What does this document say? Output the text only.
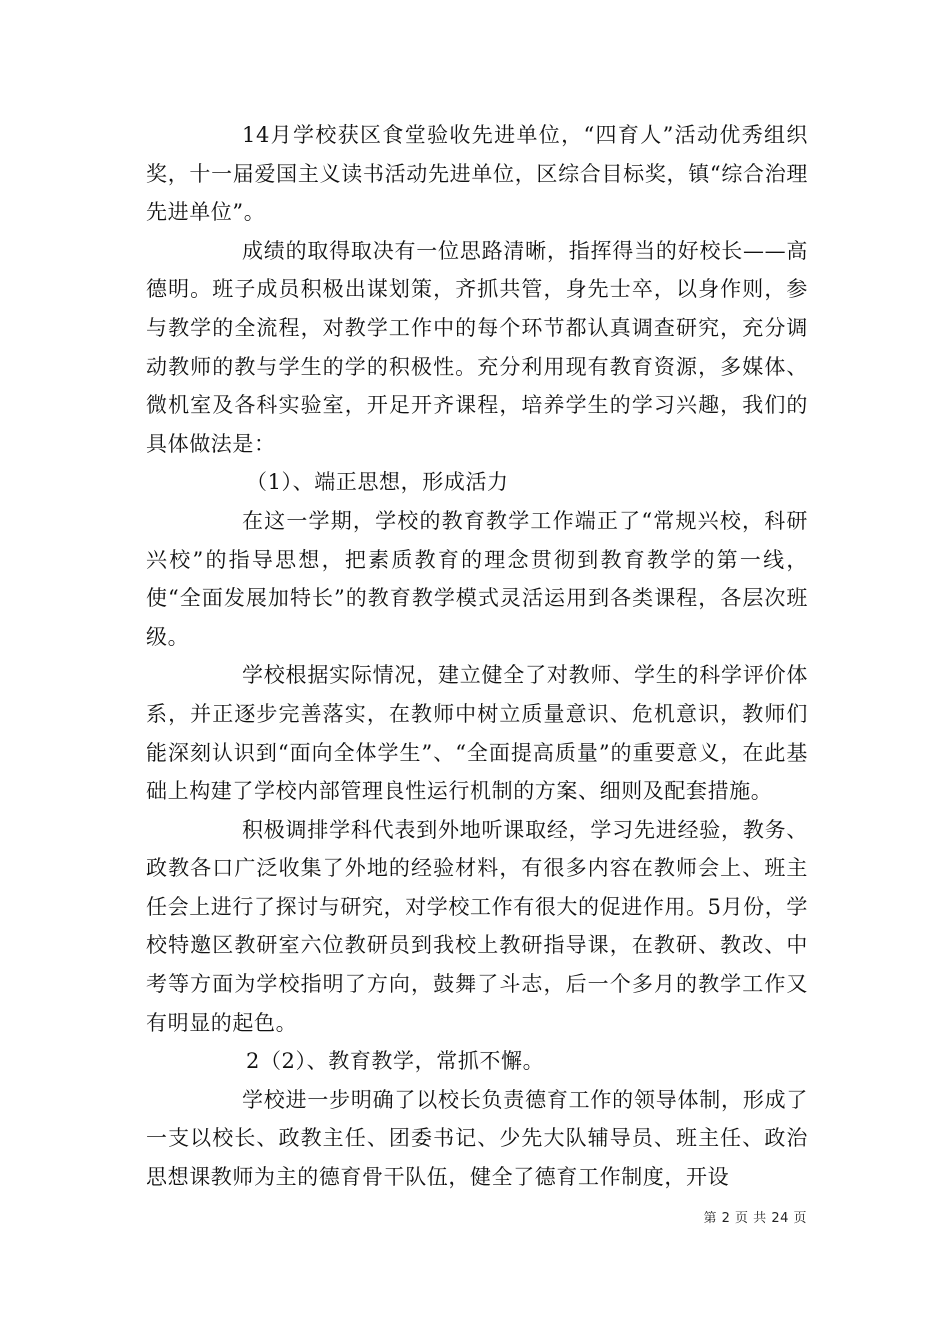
14月学校获区食堂验收先进单位，“四育人”活动优秀组织奖，十一届爱国主义读书活动先进单位，区综合目标奖，镇“综合治理先进单位”。

成绩的取得取决有一位思路清晰，指挥得当的好校长——高德明。班子成员积极出谋划策，齐抓共管，身先士卒，以身作则，参与教学的全流程，对教学工作中的每个环节都认真调查研究，充分调动教师的教与学生的学的积极性。充分利用现有教育资源，多媒体、微机室及各科实验室，开足开齐课程，培养学生的学习兴趣，我们的具体做法是：

（1）、端正思想，形成活力

在这一学期，学校的教育教学工作端正了“常规兴校，科研兴校”的指导思想，把素质教育的理念贯彻到教育教学的第一线，使“全面发展加特长”的教育教学模式灵活运用到各类课程，各层次班级。

学校根据实际情况，建立健全了对教师、学生的科学评价体系，并正逐步完善落实，在教师中树立质量意识、危机意识，教师们能深刻认识到“面向全体学生”、“全面提高质量”的重要意义，在此基础上构建了学校内部管理良性运行机制的方案、细则及配套措施。

积极调排学科代表到外地听课取经，学习先进经验，教务、政教各口广泛收集了外地的经验材料，有很多内容在教师会上、班主任会上进行了探讨与研究，对学校工作有很大的促进作用。5月份，学校特邀区教研室六位教研员到我校上教研指导课，在教研、教改、中考等方面为学校指明了方向，鼓舞了斗志，后一个多月的教学工作又有明显的起色。

2（2）、教育教学，常抓不懈。

学校进一步明确了以校长负责德育工作的领导体制，形成了一支以校长、政教主任、团委书记、少先大队辅导员、班主任、政治思想课教师为主的德育骨干队伍，健全了德育工作制度，开设

第 2 页 共 24 页
